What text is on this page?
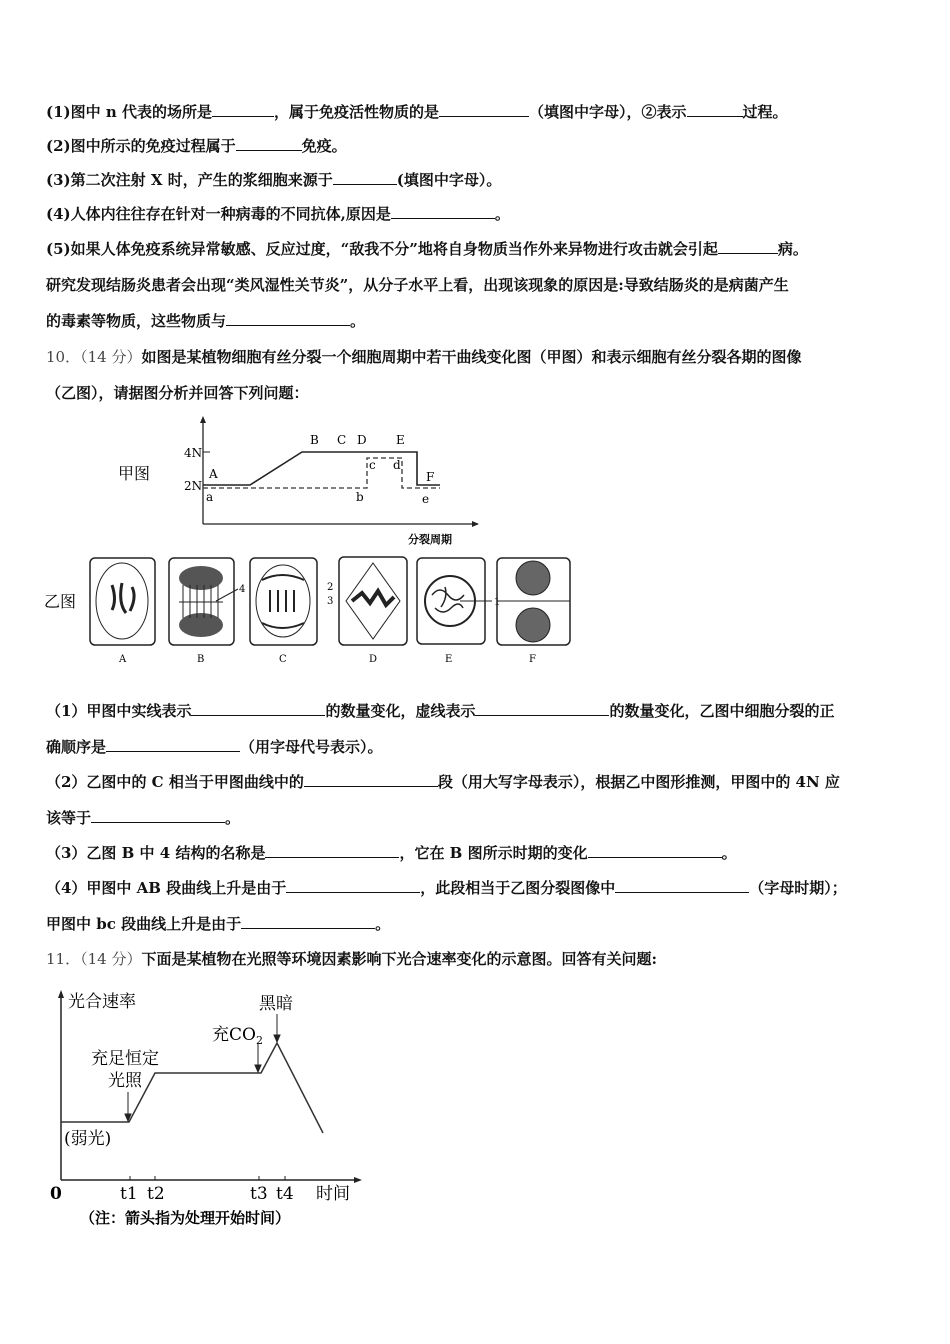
(1)图中 n 代表的场所是	，属于免疫活性物质的是	（填图中字母），②表示	过程。
(2)图中所示的免疫过程属于	免疫。
(3)第二次注射 X 时，产生的浆细胞来源于	(填图中字母）。
(4)人体内往往存在针对一种病毒的不同抗体,原因是	。
(5)如果人体免疫系统异常敏感、反应过度，“敌我不分”地将自身物质当作外来异物进行攻击就会引起	病。
研究发现结肠炎患者会出现“类风湿性关节炎”，从分子水平上看，出现该现象的原因是:导致结肠炎的是病菌产生
的毒素等物质，这些物质与	。
10．（14 分）如图是某植物细胞有丝分裂一个细胞周期中若干曲线变化图（甲图）和表示细胞有丝分裂各期的图像
（乙图），请据图分析并回答下列问题：
甲图
4N
2N
A
B C D E
F
a	b
c d
e
分裂周期
乙图
4	2
3	1
A	B	C	D	E	F
（1）甲图中实线表示	的数量变化，虚线表示	的数量变化，乙图中细胞分裂的正
确顺序是	（用字母代号表示）。
（2）乙图中的 C 相当于甲图曲线中的	段（用大写字母表示），根据乙中图形推测，甲图中的 4N 应
该等于	。
（3）乙图 B 中 4 结构的名称是	，它在 B 图所示时期的变化	。
（4）甲图中 AB 段曲线上升是由于	，此段相当于乙图分裂图像中	（字母时期）；
甲图中 bc 段曲线上升是由于	。
11．（14 分）下面是某植物在光照等环境因素影响下光合速率变化的示意图。回答有关问题:
光合速率
时间
0	t1 t2	t3 t4
(弱光)
充足恒定
光照
充$CO_2$
黑暗
（注：箭头指为处理开始时间）
